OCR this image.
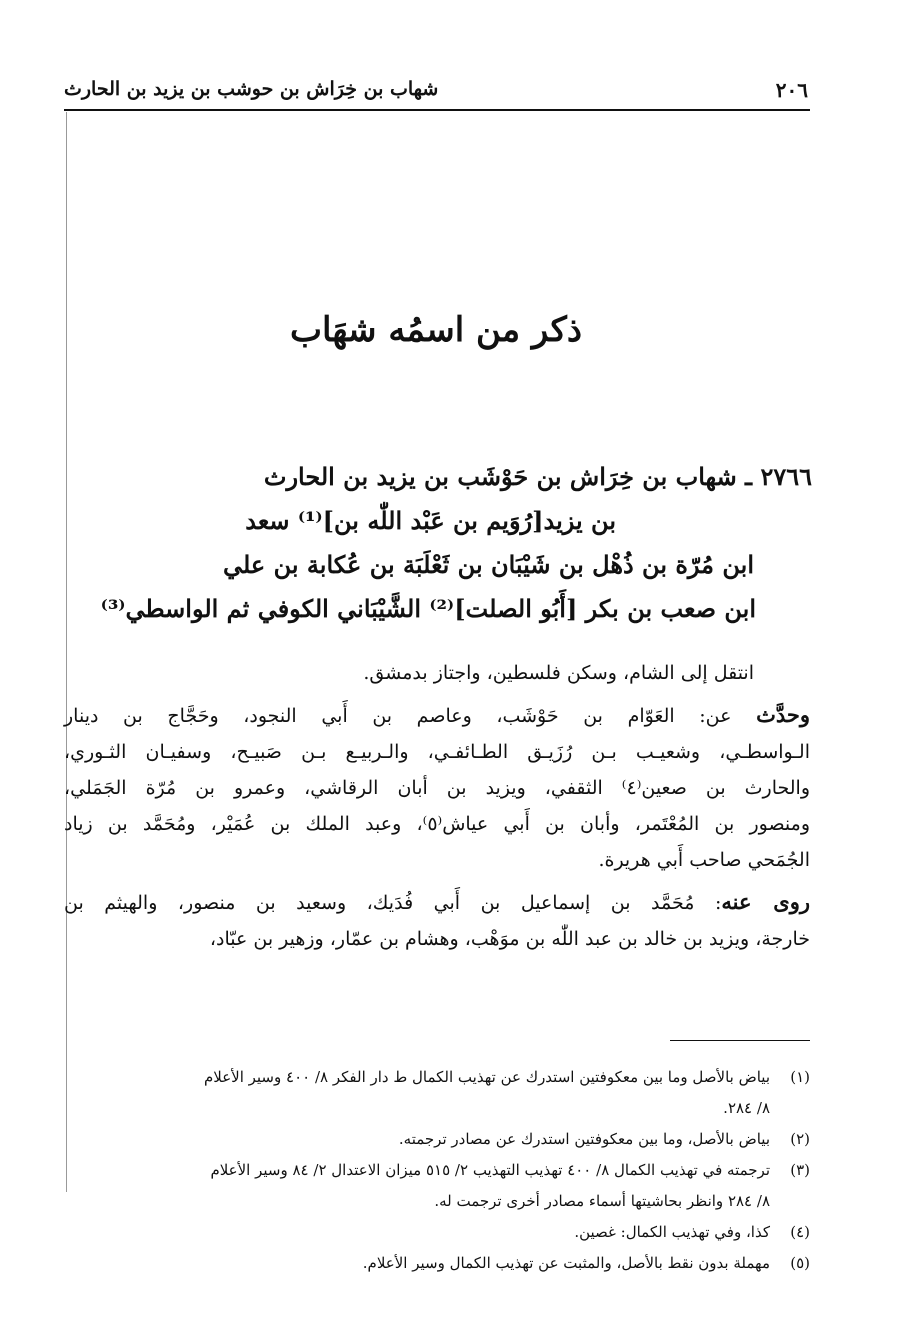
٢٠٦
شهاب بن خِرَاش بن حوشب بن يزيد بن الحارث
ذكر من اسمُه شهَاب
٢٧٦٦ ـ شهاب بن خِرَاش بن حَوْشَب بن يزيد بن الحارث
بن يزيد[رُوَيم بن عَبْد اللّٰه بن]⁽¹⁾ سعد
ابن مُرّة بن ذُهْل بن شَيْبَان بن ثَعْلَبَة بن عُكابة بن علي
ابن صعب بن بكر [أَبُو الصلت]⁽²⁾ الشَّيْبَاني الكوفي ثم الواسطي⁽³⁾

انتقل إلى الشام، وسكن فلسطين، واجتاز بدمشق.

وحدَّث عن: العَوّام بن حَوْشَب، وعاصم بن أَبي النجود، وحَجَّاج بن دينار
الـواسطـي، وشعيـب بـن رُزَيـق الطـائفـي، والـربيـع بـن صَبيـح، وسفيـان الثـوري،
والحارث بن صعين⁽٤⁾ الثقفي، ويزيد بن أبان الرقاشي، وعمرو بن مُرّة الجَمَلي،
ومنصور بن المُعْتَمر، وأبان بن أَبي عياش⁽٥⁾، وعبد الملك بن عُمَيْر، ومُحَمَّد بن زياد
الجُمَحي صاحب أَبي هريرة.
روى عنه: مُحَمَّد بن إسماعيل بن أَبي فُدَيك، وسعيد بن منصور، والهيثم بن
خارجة، ويزيد بن خالد بن عبد اللّٰه بن موَهْب، وهشام بن عمّار، وزهير بن عبّاد،
(١)
بياض بالأصل وما بين معكوفتين استدرك عن تهذيب الكمال ط دار الفكر ٨/ ٤٠٠ وسير الأعلام
٨/ ٢٨٤.
(٢)
بياض بالأصل، وما بين معكوفتين استدرك عن مصادر ترجمته.
(٣)
ترجمته في تهذيب الكمال ٨/ ٤٠٠ تهذيب التهذيب ٢/ ٥١٥ ميزان الاعتدال ٢/ ٨٤ وسير الأعلام
٨/ ٢٨٤ وانظر بحاشيتها أسماء مصادر أخرى ترجمت له.
(٤)
كذا، وفي تهذيب الكمال: غصين.
(٥)
مهملة بدون نقط بالأصل، والمثبت عن تهذيب الكمال وسير الأعلام.
